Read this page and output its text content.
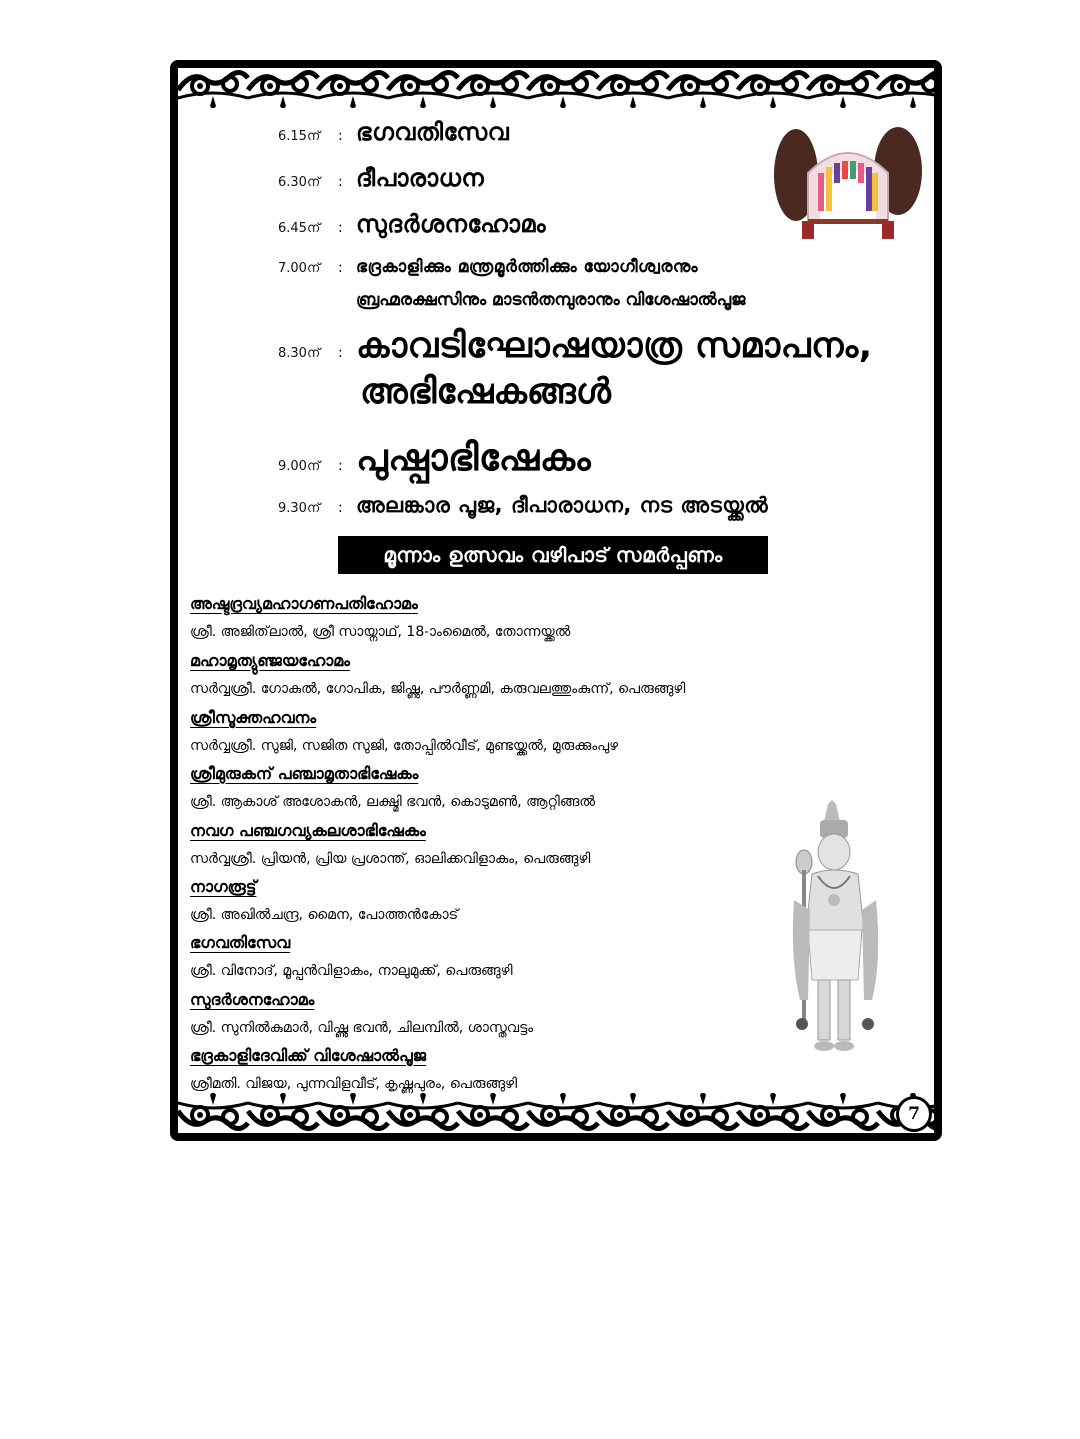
7
6.15ന്	: ഭഗവതിസേവ
6.30ന്	: ദീപാരാധന
6.45ന്	: സുദർശനഹോമം
7.00ന്	: ഭദ്രകാളിക്കും മന്ത്രമൂർത്തിക്കും യോഗീശ്വരനും
ബ്രഹ്മരക്ഷസിനും മാടൻതമ്പുരാനും വിശേഷാൽപൂജ
8.30ന്	: കാവടിഘോഷയാത്ര സമാപനം,
അഭിഷേകങ്ങൾ
9.00ന്	: പുഷ്പാഭിഷേകം
9.30ന്	: അലങ്കാര പൂജ, ദീപാരാധന, നട അടയ്ക്കൽ
മൂന്നാം ഉത്സവം വഴിപാട് സമർപ്പണം
അഷ്ടദ്രവ്യമഹാഗണപതിഹോമം
ശ്രീ. അജിത്‌ലാൽ, ശ്രീ സായ്നാഥ്, 18-ാംമൈൽ, തോന്നയ്ക്കൽ
മഹാമൃത്യുഞ്ജയഹോമം
സർവ്വശ്രീ. ഗോകുൽ, ഗോപിക, ജിഷ്ണു, പൗർണ്ണമി, കരുവലത്തുംകുന്ന്, പെരുങ്ങുഴി
ശ്രീസൂക്തഹവനം
സർവ്വശ്രീ. സുജി, സജിത സുജി, തോപ്പിൽവീട്, മുണ്ടയ്ക്കൽ, മുരുക്കുംപുഴ
ശ്രീമുരുകന് പഞ്ചാമൃതാഭിഷേകം
ശ്രീ. ആകാശ് അശോകൻ, ലക്ഷ്മി ഭവൻ, കൊടുമൺ, ആറ്റിങ്ങൽ
നവഗ പഞ്ചഗവ്യകലശാഭിഷേകം
സർവ്വശ്രീ. പ്രിയൻ, പ്രിയ പ്രശാന്ത്, ഓലിക്കവിളാകം, പെരുങ്ങുഴി
നാഗരൂട്ട്
ശ്രീ. അഖിൽചന്ദ്ര, മൈന, പോത്തൻകോട്
ഭഗവതിസേവ
ശ്രീ. വിനോദ്, മൂപ്പൻവിളാകം, നാലുമുക്ക്, പെരുങ്ങുഴി
സുദർശനഹോമം
ശ്രീ. സുനിൽകുമാർ, വിഷ്ണു ഭവൻ, ചിലമ്പിൽ, ശാസ്തവട്ടം
ഭദ്രകാളിദേവിക്ക് വിശേഷാൽപൂജ
ശ്രീമതി. വിജയ, പുന്നവിളവീട്, കൃഷ്ണപുരം, പെരുങ്ങുഴി
